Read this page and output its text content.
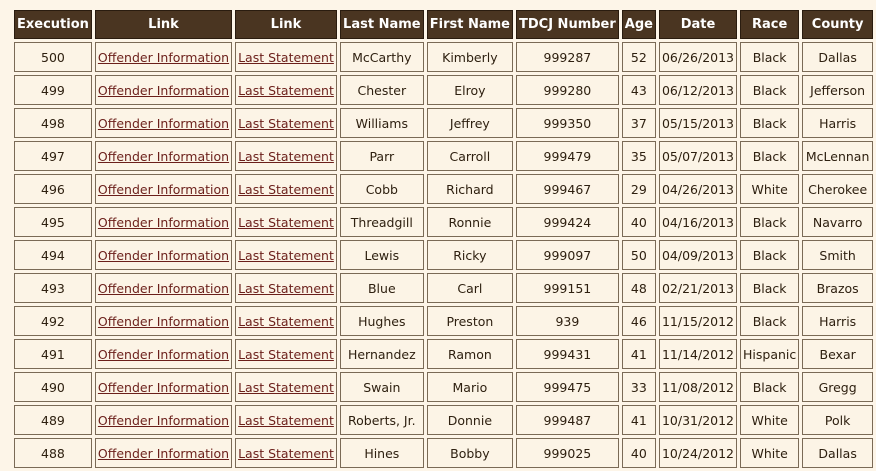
Execution	Link	Link	Last Name	First Name	TDCJ Number	Age	Date	Race	County
500	Offender Information	Last Statement	McCarthy	Kimberly	999287	52	06/26/2013	Black	Dallas
499	Offender Information	Last Statement	Chester	Elroy	999280	43	06/12/2013	Black	Jefferson
498	Offender Information	Last Statement	Williams	Jeffrey	999350	37	05/15/2013	Black	Harris
497	Offender Information	Last Statement	Parr	Carroll	999479	35	05/07/2013	Black	McLennan
496	Offender Information	Last Statement	Cobb	Richard	999467	29	04/26/2013	White	Cherokee
495	Offender Information	Last Statement	Threadgill	Ronnie	999424	40	04/16/2013	Black	Navarro
494	Offender Information	Last Statement	Lewis	Ricky	999097	50	04/09/2013	Black	Smith
493	Offender Information	Last Statement	Blue	Carl	999151	48	02/21/2013	Black	Brazos
492	Offender Information	Last Statement	Hughes	Preston	939	46	11/15/2012	Black	Harris
491	Offender Information	Last Statement	Hernandez	Ramon	999431	41	11/14/2012	Hispanic	Bexar
490	Offender Information	Last Statement	Swain	Mario	999475	33	11/08/2012	Black	Gregg
489	Offender Information	Last Statement	Roberts, Jr.	Donnie	999487	41	10/31/2012	White	Polk
488	Offender Information	Last Statement	Hines	Bobby	999025	40	10/24/2012	White	Dallas
